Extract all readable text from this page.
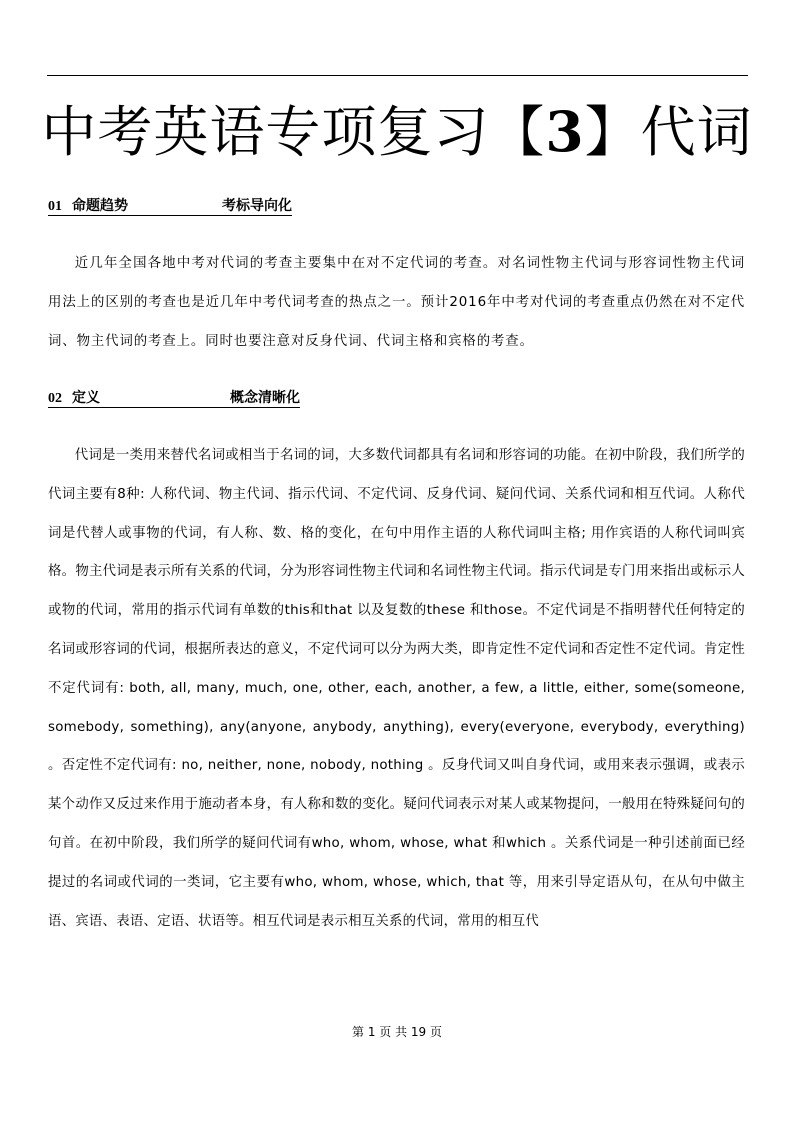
中考英语专项复习【3】代词
01 命题趋势	考标导向化

近几年全国各地中考对代词的考查主要集中在对不定代词的考查。对名词性物主代词与形容词性物主代词用法上的区别的考查也是近几年中考代词考查的热点之一。预计2016年中考对代词的考查重点仍然在对不定代词、物主代词的考查上。同时也要注意对反身代词、代词主格和宾格的考查。

02 定义	概念清晰化

代词是一类用来替代名词或相当于名词的词，大多数代词都具有名词和形容词的功能。在初中阶段，我们所学的代词主要有8种: 人称代词、物主代词、指示代词、不定代词、反身代词、疑问代词、关系代词和相互代词。人称代词是代替人或事物的代词，有人称、数、格的变化，在句中用作主语的人称代词叫主格; 用作宾语的人称代词叫宾格。物主代词是表示所有关系的代词，分为形容词性物主代词和名词性物主代词。指示代词是专门用来指出或标示人或物的代词，常用的指示代词有单数的this和that 以及复数的these 和those。不定代词是不指明替代任何特定的名词或形容词的代词，根据所表达的意义，不定代词可以分为两大类，即肯定性不定代词和否定性不定代词。肯定性不定代词有: both, all, many, much, one, other, each, another, a few, a little, either, some(someone, somebody, something), any(anyone, anybody, anything), every(everyone, everybody, everything) 。否定性不定代词有: no, neither, none, nobody, nothing 。反身代词又叫自身代词，或用来表示强调，或表示某个动作又反过来作用于施动者本身，有人称和数的变化。疑问代词表示对某人或某物提问，一般用在特殊疑问句的句首。在初中阶段，我们所学的疑问代词有who, whom, whose, what 和which 。关系代词是一种引述前面已经提过的名词或代词的一类词，它主要有who, whom, whose, which, that 等，用来引导定语从句，在从句中做主语、宾语、表语、定语、状语等。相互代词是表示相互关系的代词，常用的相互代

第 1 页 共 19 页
